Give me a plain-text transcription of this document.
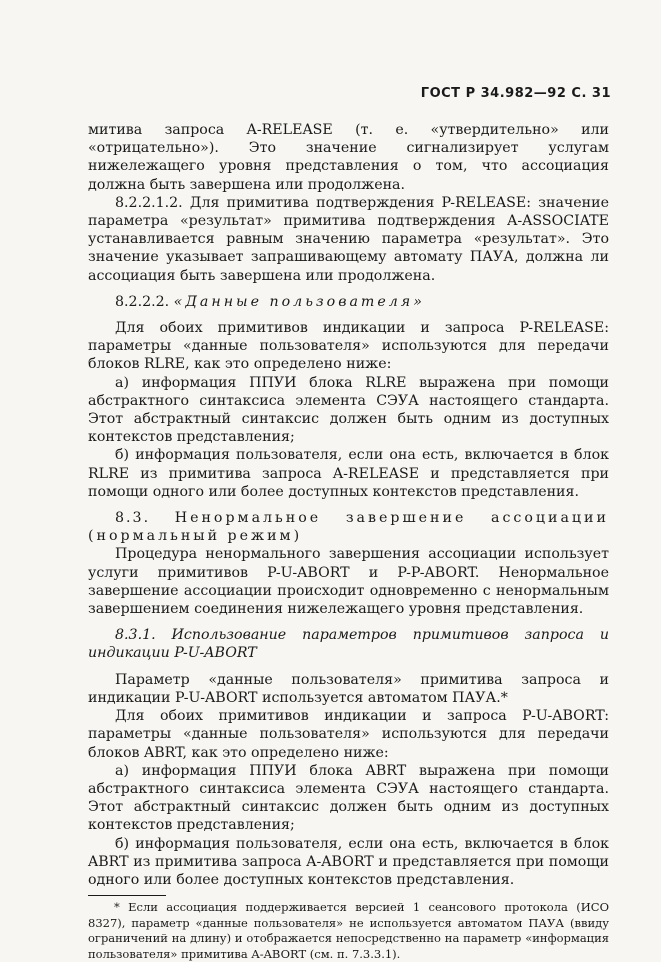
ГОСТ Р 34.982—92 С. 31

митива запроса A-RELEASE (т. е. «утвердительно» или «отрицательно»). Это значение сигнализирует услугам нижележащего уровня представления о том, что ассоциация должна быть завершена или продолжена.

8.2.2.1.2. Для примитива подтверждения P-RELEASE: значение параметра «результат» примитива подтверждения A-ASSOCIATE устанавливается равным значению параметра «результат». Это значение указывает запрашивающему автомату ПАУА, должна ли ассоциация быть завершена или продолжена.

8.2.2.2. «Данные пользователя»

Для обоих примитивов индикации и запроса P-RELEASE: параметры «данные пользователя» используются для передачи блоков RLRE, как это определено ниже:

а) информация ППУИ блока RLRE выражена при помощи абстрактного синтаксиса элемента СЭУА настоящего стандарта. Этот абстрактный синтаксис должен быть одним из доступных контекстов представления;

б) информация пользователя, если она есть, включается в блок RLRE из примитива запроса A-RELEASE и представляется при помощи одного или более доступных контекстов представления.

8.3. Ненормальное завершение ассоциации

(нормальный режим)

Процедура ненормального завершения ассоциации использует услуги примитивов P-U-ABORT и P-P-ABORT. Ненормальное завершение ассоциации происходит одновременно с ненормальным завершением соединения нижележащего уровня представления.

8.3.1. Использование параметров примитивов запроса и индикации P-U-ABORT

Параметр «данные пользователя» примитива запроса и индикации P-U-ABORT используется автоматом ПАУА.*

Для обоих примитивов индикации и запроса P-U-ABORT: параметры «данные пользователя» используются для передачи блоков ABRT, как это определено ниже:

а) информация ППУИ блока ABRT выражена при помощи абстрактного синтаксиса элемента СЭУА настоящего стандарта. Этот абстрактный синтаксис должен быть одним из доступных контекстов представления;

б) информация пользователя, если она есть, включается в блок ABRT из примитива запроса A-ABORT и представляется при помощи одного или более доступных контекстов представления.

* Если ассоциация поддерживается версией 1 сеансового протокола (ИСО 8327), параметр «данные пользователя» не используется автоматом ПАУА (ввиду ограничений на длину) и отображается непосредственно на параметр «информация пользователя» примитива A-ABORT (см. п. 7.3.3.1).
